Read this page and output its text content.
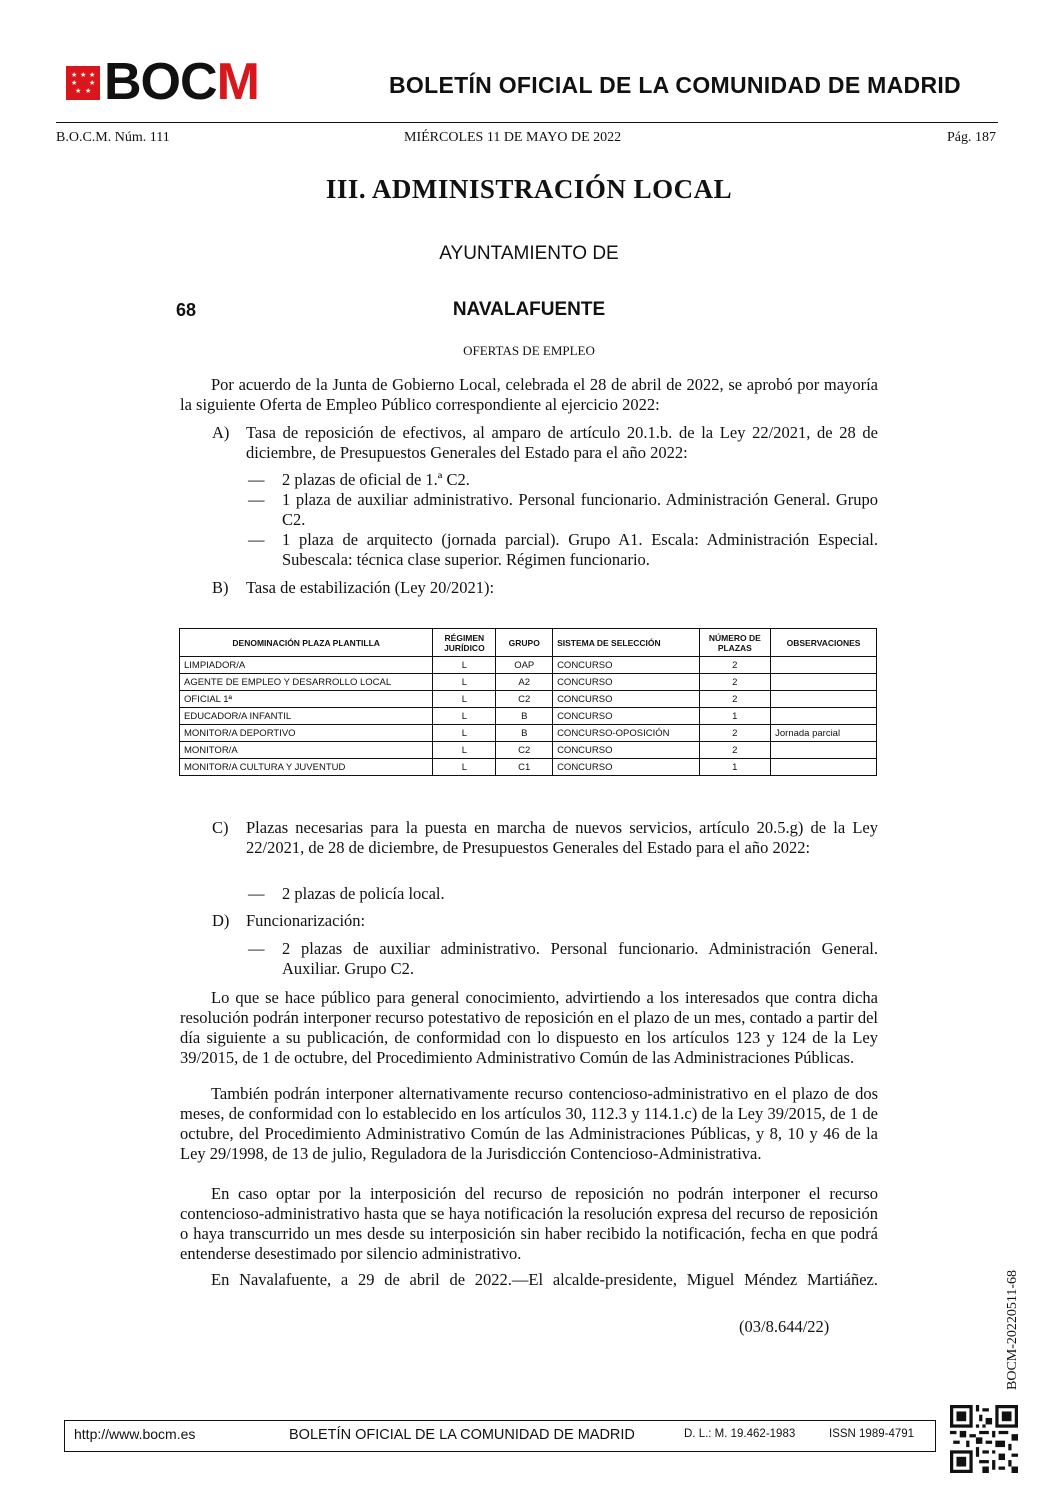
★ ★ ★
★ ★
★ ★ BOCM	BOLETÍN OFICIAL DE LA COMUNIDAD DE MADRID
B.O.C.M. Núm. 111	MIÉRCOLES 11 DE MAYO DE 2022	Pág. 187
III. ADMINISTRACIÓN LOCAL
AYUNTAMIENTO DE
68	NAVALAFUENTE
OFERTAS DE EMPLEO
Por acuerdo de la Junta de Gobierno Local, celebrada el 28 de abril de 2022, se aprobó por mayoría la siguiente Oferta de Empleo Público correspondiente al ejercicio 2022:
A) Tasa de reposición de efectivos, al amparo de artículo 20.1.b. de la Ley 22/2021, de 28 de diciembre, de Presupuestos Generales del Estado para el año 2022:
— 2 plazas de oficial de 1.ª C2.
— 1 plaza de auxiliar administrativo. Personal funcionario. Administración General. Grupo C2.
— 1 plaza de arquitecto (jornada parcial). Grupo A1. Escala: Administración Especial. Subescala: técnica clase superior. Régimen funcionario.
B) Tasa de estabilización (Ley 20/2021):
DENOMINACIÓN PLAZA PLANTILLA	RÉGIMEN JURÍDICO	GRUPO	SISTEMA DE SELECCIÓN	NÚMERO DE PLAZAS	OBSERVACIONES
LIMPIADOR/A	L	OAP	CONCURSO	2	
AGENTE DE EMPLEO Y DESARROLLO LOCAL	L	A2	CONCURSO	2	
OFICIAL 1ª	L	C2	CONCURSO	2	
EDUCADOR/A INFANTIL	L	B	CONCURSO	1	
MONITOR/A DEPORTIVO	L	B	CONCURSO-OPOSICIÓN	2	Jornada parcial
MONITOR/A	L	C2	CONCURSO	2	
MONITOR/A CULTURA Y JUVENTUD	L	C1	CONCURSO	1	
C) Plazas necesarias para la puesta en marcha de nuevos servicios, artículo 20.5.g) de la Ley 22/2021, de 28 de diciembre, de Presupuestos Generales del Estado para el año 2022:
— 2 plazas de policía local.
D) Funcionarización:
— 2 plazas de auxiliar administrativo. Personal funcionario. Administración General. Auxiliar. Grupo C2.
Lo que se hace público para general conocimiento, advirtiendo a los interesados que contra dicha resolución podrán interponer recurso potestativo de reposición en el plazo de un mes, contado a partir del día siguiente a su publicación, de conformidad con lo dispuesto en los artículos 123 y 124 de la Ley 39/2015, de 1 de octubre, del Procedimiento Administrativo Común de las Administraciones Públicas.
También podrán interponer alternativamente recurso contencioso-administrativo en el plazo de dos meses, de conformidad con lo establecido en los artículos 30, 112.3 y 114.1.c) de la Ley 39/2015, de 1 de octubre, del Procedimiento Administrativo Común de las Administraciones Públicas, y 8, 10 y 46 de la Ley 29/1998, de 13 de julio, Reguladora de la Jurisdicción Contencioso-Administrativa.
En caso optar por la interposición del recurso de reposición no podrán interponer el recurso contencioso-administrativo hasta que se haya notificación la resolución expresa del recurso de reposición o haya transcurrido un mes desde su interposición sin haber recibido la notificación, fecha en que podrá entenderse desestimado por silencio administrativo.
En Navalafuente, a 29 de abril de 2022.—El alcalde-presidente, Miguel Méndez Martiáñez.
(03/8.644/22)
http://www.bocm.es	BOLETÍN OFICIAL DE LA COMUNIDAD DE MADRID	D. L.: M. 19.462-1983	ISSN 1989-4791
BOCM-20220511-68
